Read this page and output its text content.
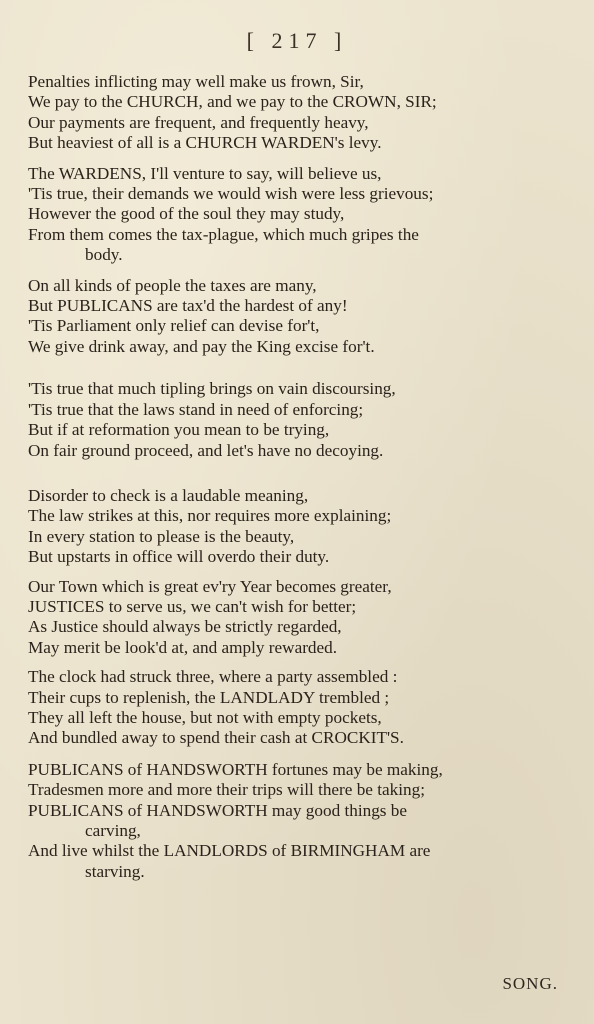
[ 217 ]
Penalties inflicting may well make us frown, Sir,
We pay to the CHURCH, and we pay to the CROWN, SIR;
Our payments are frequent, and frequently heavy,
But heaviest of all is a CHURCH WARDEN's levy.
The WARDENS, I'll venture to say, will believe us,
'Tis true, their demands we would wish were less grievous;
However the good of the soul they may study,
From them comes the tax-plague, which much gripes the
body.
On all kinds of people the taxes are many,
But PUBLICANS are tax'd the hardest of any!
'Tis Parliament only relief can devise for't,
We give drink away, and pay the King excise for't.
'Tis true that much tipling brings on vain discoursing,
'Tis true that the laws stand in need of enforcing;
But if at reformation you mean to be trying,
On fair ground proceed, and let's have no decoying.
Disorder to check is a laudable meaning,
The law strikes at this, nor requires more explaining;
In every station to please is the beauty,
But upstarts in office will overdo their duty.
Our Town which is great ev'ry Year becomes greater,
JUSTICES to serve us, we can't wish for better;
As Justice should always be strictly regarded,
May merit be look'd at, and amply rewarded.
The clock had struck three, where a party assembled :
Their cups to replenish, the LANDLADY trembled ;
They all left the house, but not with empty pockets,
And bundled away to spend their cash at CROCKIT'S.
PUBLICANS of HANDSWORTH fortunes may be making,
Tradesmen more and more their trips will there be taking;
PUBLICANS of HANDSWORTH may good things be
carving,
And live whilst the LANDLORDS of BIRMINGHAM are
starving.
SONG.
